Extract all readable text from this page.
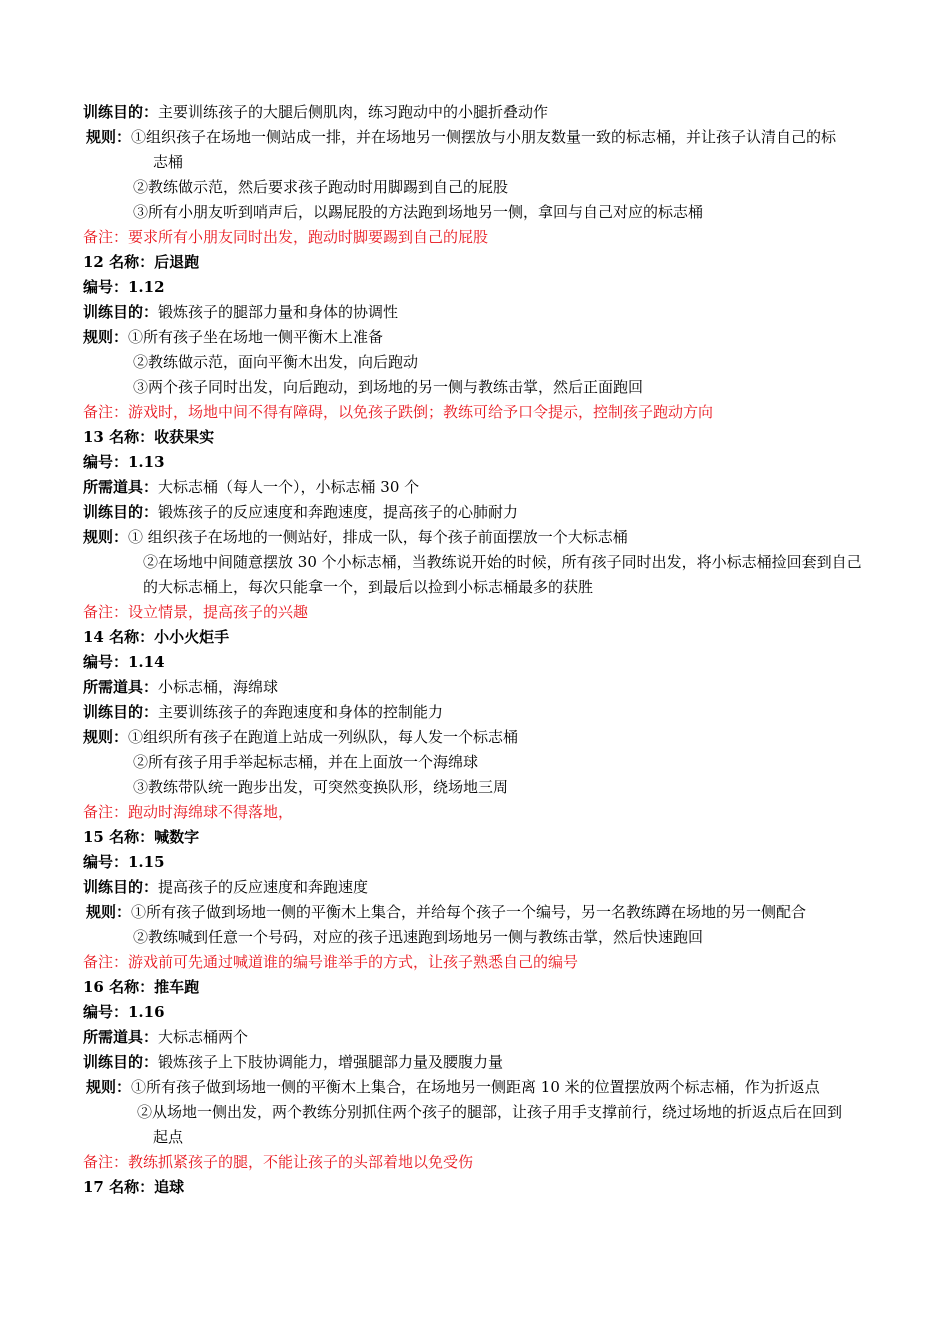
训练目的：主要训练孩子的大腿后侧肌肉，练习跑动中的小腿折叠动作
规则：①组织孩子在场地一侧站成一排，并在场地另一侧摆放与小朋友数量一致的标志桶，并让孩子认清自己的标
志桶
②教练做示范，然后要求孩子跑动时用脚踢到自己的屁股
③所有小朋友听到哨声后，以踢屁股的方法跑到场地另一侧，拿回与自己对应的标志桶
备注：要求所有小朋友同时出发，跑动时脚要踢到自己的屁股
12 名称：后退跑
编号：1.12
训练目的：锻炼孩子的腿部力量和身体的协调性
规则：①所有孩子坐在场地一侧平衡木上准备
②教练做示范，面向平衡木出发，向后跑动
③两个孩子同时出发，向后跑动，到场地的另一侧与教练击掌，然后正面跑回
备注：游戏时，场地中间不得有障碍，以免孩子跌倒；教练可给予口令提示，控制孩子跑动方向
13 名称：收获果实
编号：1.13
所需道具：大标志桶（每人一个），小标志桶 30 个
训练目的：锻炼孩子的反应速度和奔跑速度，提高孩子的心肺耐力
规则：① 组织孩子在场地的一侧站好，排成一队，每个孩子前面摆放一个大标志桶
②在场地中间随意摆放 30 个小标志桶，当教练说开始的时候，所有孩子同时出发，将小标志桶捡回套到自己
的大标志桶上，每次只能拿一个，到最后以捡到小标志桶最多的获胜
备注：设立情景，提高孩子的兴趣
14 名称：小小火炬手
编号：1.14
所需道具：小标志桶，海绵球
训练目的：主要训练孩子的奔跑速度和身体的控制能力
规则：①组织所有孩子在跑道上站成一列纵队，每人发一个标志桶
②所有孩子用手举起标志桶，并在上面放一个海绵球
③教练带队统一跑步出发，可突然变换队形，绕场地三周
备注：跑动时海绵球不得落地，
15 名称：喊数字
编号：1.15
训练目的：提高孩子的反应速度和奔跑速度
规则：①所有孩子做到场地一侧的平衡木上集合，并给每个孩子一个编号，另一名教练蹲在场地的另一侧配合
②教练喊到任意一个号码，对应的孩子迅速跑到场地另一侧与教练击掌，然后快速跑回
备注：游戏前可先通过喊道谁的编号谁举手的方式，让孩子熟悉自己的编号
16 名称：推车跑
编号：1.16
所需道具：大标志桶两个
训练目的：锻炼孩子上下肢协调能力，增强腿部力量及腰腹力量
规则：①所有孩子做到场地一侧的平衡木上集合，在场地另一侧距离 10 米的位置摆放两个标志桶，作为折返点
②从场地一侧出发，两个教练分别抓住两个孩子的腿部，让孩子用手支撑前行，绕过场地的折返点后在回到
起点
备注：教练抓紧孩子的腿，不能让孩子的头部着地以免受伤
17 名称：追球
